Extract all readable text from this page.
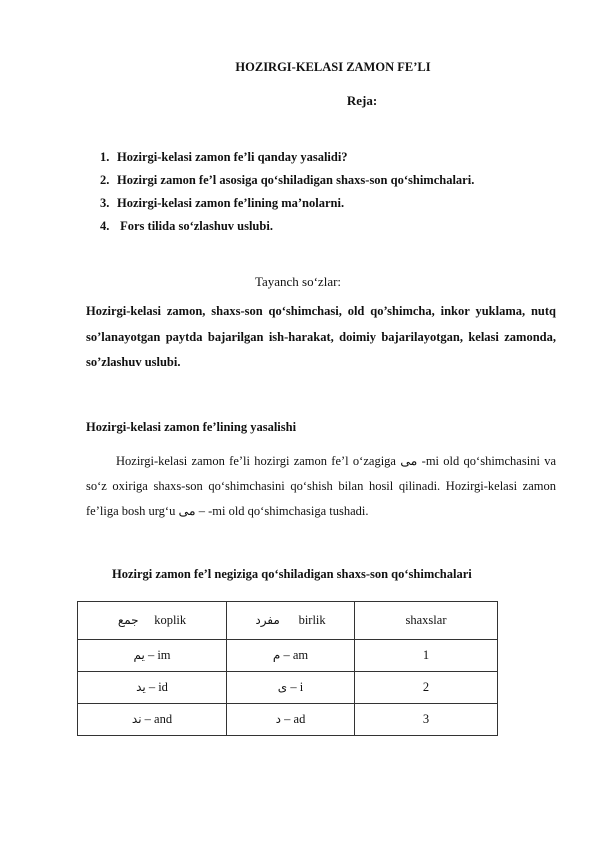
HOZIRGI-KELASI ZAMON FE’LI
Reja:
1. Hozirgi-kelasi zamon fe’li qanday yasalidi?
2. Hozirgi zamon fe’l asosiga qo‘shiladigan shaxs-son qo‘shimchalari.
3. Hozirgi-kelasi zamon fe’lining ma’nolarni.
4. Fors tilida so‘zlashuv uslubi.
Tayanch so‘zlar:
Hozirgi-kelasi zamon, shaxs-son qo‘shimchasi, old qo’shimcha, inkor yuklama, nutq so’lanayotgan paytda bajarilgan ish-harakat, doimiy bajarilayotgan, kelasi zamonda, so’zlashuv uslubi.
Hozirgi-kelasi zamon fe’lining yasalishi
Hozirgi-kelasi zamon fe’li hozirgi zamon fe’l o‘zagiga مى -mi old qo‘shimchasini va so‘z oxiriga shaxs-son qo‘shimchasini qo‘shish bilan hosil qilinadi. Hozirgi-kelasi zamon fe’liga bosh urg‘u مى – -mi old qo‘shimchasiga tushadi.
Hozirgi zamon fe’l negiziga qo‘shiladigan shaxs-son qo‘shimchalari
جمع koplik	مفرد birlik	shaxslar
يم – im	م – am	1
يد – id	ى – i	2
ند – and	د – ad	3
